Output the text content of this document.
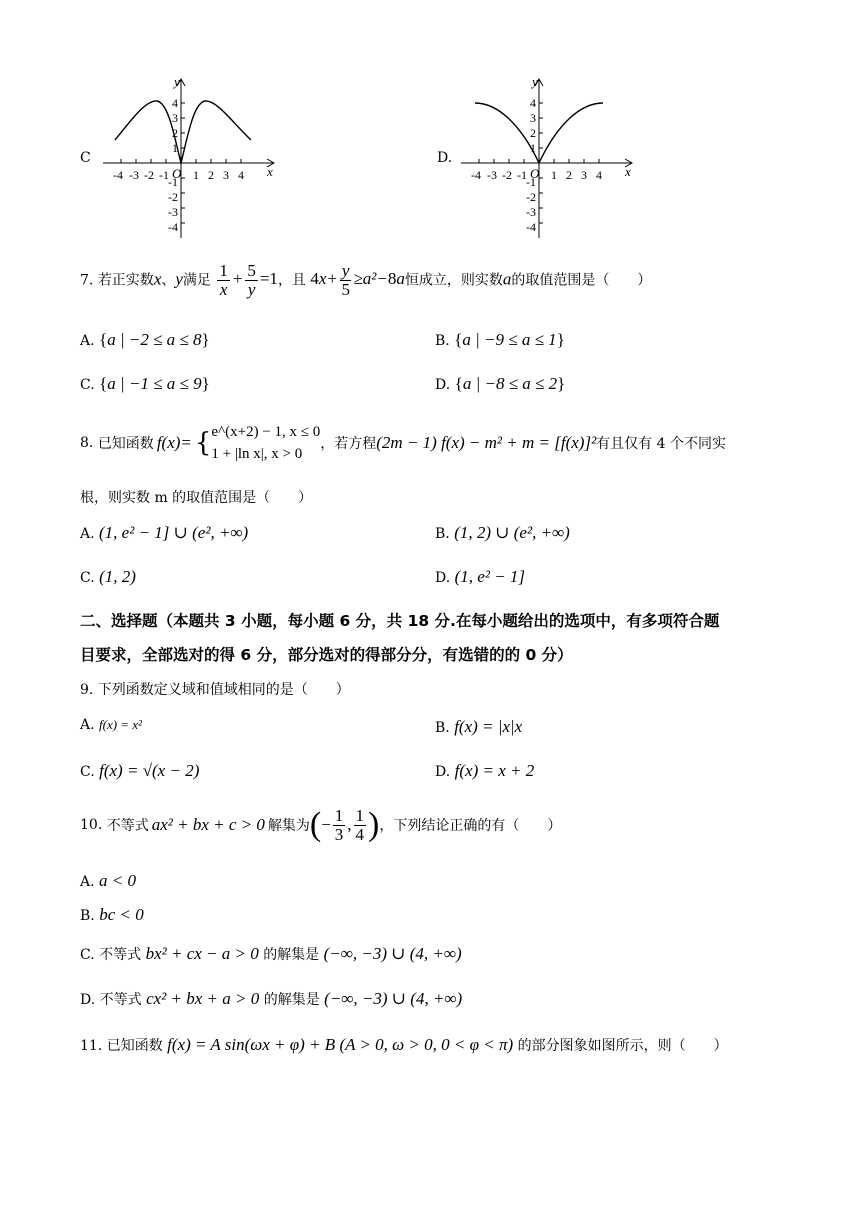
C
y
x
O
-4 -3 -2 -1 1 2 3 4
4
3
2
1
-1
-2
-3
-4
D.
y
x
O
-4 -3 -2 -1 1 2 3 4
4
3
2
1
-1
-2
-3
-4
7. 若正实数x、y满足 $\frac{1}{x} + \frac{5}{y} =1$，且 $4x+ \frac{y}{5} \ge a^2-8a$恒成立，则实数a的取值范围是（　　）
A. {a | −2 ≤ a ≤ 8}	B. {a | −9 ≤ a ≤ 1}
C. {a | −1 ≤ a ≤ 9}	D. {a | −8 ≤ a ≤ 2}
8.
已知函数 f(x)= { e^(x+2) − 1, x ≤ 0
1 + |ln x|, x > 0
，若方程 (2m − 1) f(x) − m² + m = [f(x)]² 有且仅有 4 个不同实
根，则实数 m 的取值范围是（　　）
A. (1, e² − 1] ∪ (e², +∞)	B. (1, 2) ∪ (e², +∞)
C. (1, 2)	D. (1, e² − 1]
二、选择题（本题共 3 小题，每小题 6 分，共 18 分.在每小题给出的选项中，有多项符合题
目要求，全部选对的得 6 分，部分选对的得部分分，有选错的的 0 分）
9. 下列函数定义域和值域相同的是（　　）
A. f(x) = x²	B. f(x) = |x|x
C. f(x) = √(x − 2)	D. f(x) = x + 2
10.
不等式 ax² + bx + c > 0 解集为 ( − $\frac{1}{3}$ , $\frac{1}{4}$ ) ，下列结论正确的有（　　）
A. a < 0
B. bc < 0
C. 不等式 bx² + cx − a > 0 的解集是 (−∞, −3) ∪ (4, +∞)
D. 不等式 cx² + bx + a > 0 的解集是 (−∞, −3) ∪ (4, +∞)
11. 已知函数 f(x) = A sin(ωx + φ) + B (A > 0, ω > 0, 0 < φ < π) 的部分图象如图所示，则（　　）
